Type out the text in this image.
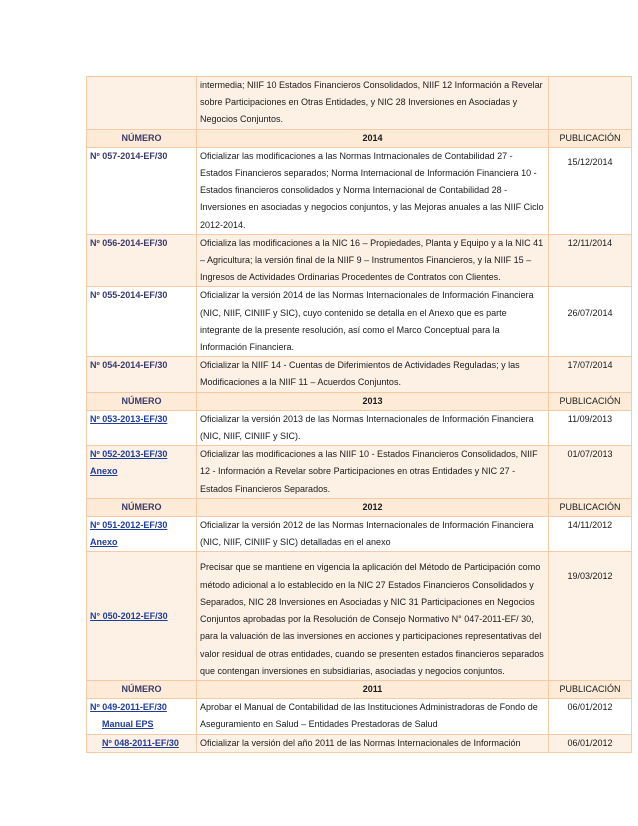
	intermedia; NIIF 10 Estados Financieros Consolidados, NIIF 12 Información a Revelar sobre Participaciones en Otras Entidades, y NIC 28 Inversiones en Asociadas y Negocios Conjuntos.	
NÚMERO	2014	PUBLICACIÓN
Nº 057-2014-EF/30	Oficializar las modificaciones a las Normas Intrnacionales de Contabilidad 27 - Estados Financieros separados; Norma Internacional de Información Financiera 10 - Estados financieros consolidados y Norma Internacional de Contabilidad 28 - Inversiones en asociadas y negocios conjuntos, y las Mejoras anuales a las NIIF Ciclo 2012-2014.	15/12/2014

Nº 056-2014-EF/30	Oficializa las modificaciones a la NIC 16 – Propiedades, Planta y Equipo y a la NIC 41 – Agricultura; la versión final de la NIIF 9 – Instrumentos Financieros, y la NIIF 15 – Ingresos de Actividades Ordinarias Procedentes de Contratos con Clientes.	12/11/2014
Nº 055-2014-EF/30	Oficializar la versión 2014 de las Normas Internacionales de Información Financiera (NIC, NIIF, CINIIF y SIC), cuyo contenido se detalla en el Anexo que es parte integrante de la presente resolución, así como el Marco Conceptual para la Información Financiera.	26/07/2014

Nº 054-2014-EF/30	Oficializar la NIIF 14 - Cuentas de Diferimientos de Actividades Reguladas; y las Modificaciones a la NIIF 11 – Acuerdos Conjuntos.	17/07/2014
NÚMERO	2013	PUBLICACIÓN

Nº 053-2013-EF/30	Oficializar la versión 2013 de las Normas Internacionales de Información Financiera (NIC, NIIF, CINIIF y SIC).	11/09/2013

Nº 052-2013-EF/30
Anexo	Oficializar las modificaciones a las NIIF 10 - Estados Financieros Consolidados, NIIF 12 - Información a Revelar sobre Participaciones en otras Entidades y NIC 27 - Estados Financieros Separados.	01/07/2013
NÚMERO	2012	PUBLICACIÓN

Nº 051-2012-EF/30
Anexo	Oficializar la versión 2012 de las Normas Internacionales de Información Financiera (NIC, NIIF, CINIIF y SIC) detalladas en el anexo	14/11/2012

N° 050-2012-EF/30	Precisar que se mantiene en vigencia la aplicación del Método de Participación como método adicional a lo establecido en la NIC 27 Estados Financieros Consolidados y Separados, NIC 28 Inversiones en Asociadas y NIC 31 Participaciones en Negocios Conjuntos aprobadas por la Resolución de Consejo Normativo N° 047-2011-EF/ 30, para la valuación de las inversiones en acciones y participaciones representativas del valor residual de otras entidades, cuando se presenten estados financieros separados que contengan inversiones en subsidiarias, asociadas y negocios conjuntos.	19/03/2012

NÚMERO	2011	PUBLICACIÓN

Nº 049-2011-EF/30
Manual EPS	Aprobar el Manual de Contabilidad de las Instituciones Administradoras de Fondo de Aseguramiento en Salud – Entidades Prestadoras de Salud	06/01/2012

Nº 048-2011-EF/30	Oficializar la versión del año 2011 de las Normas Internacionales de Información	06/01/2012
